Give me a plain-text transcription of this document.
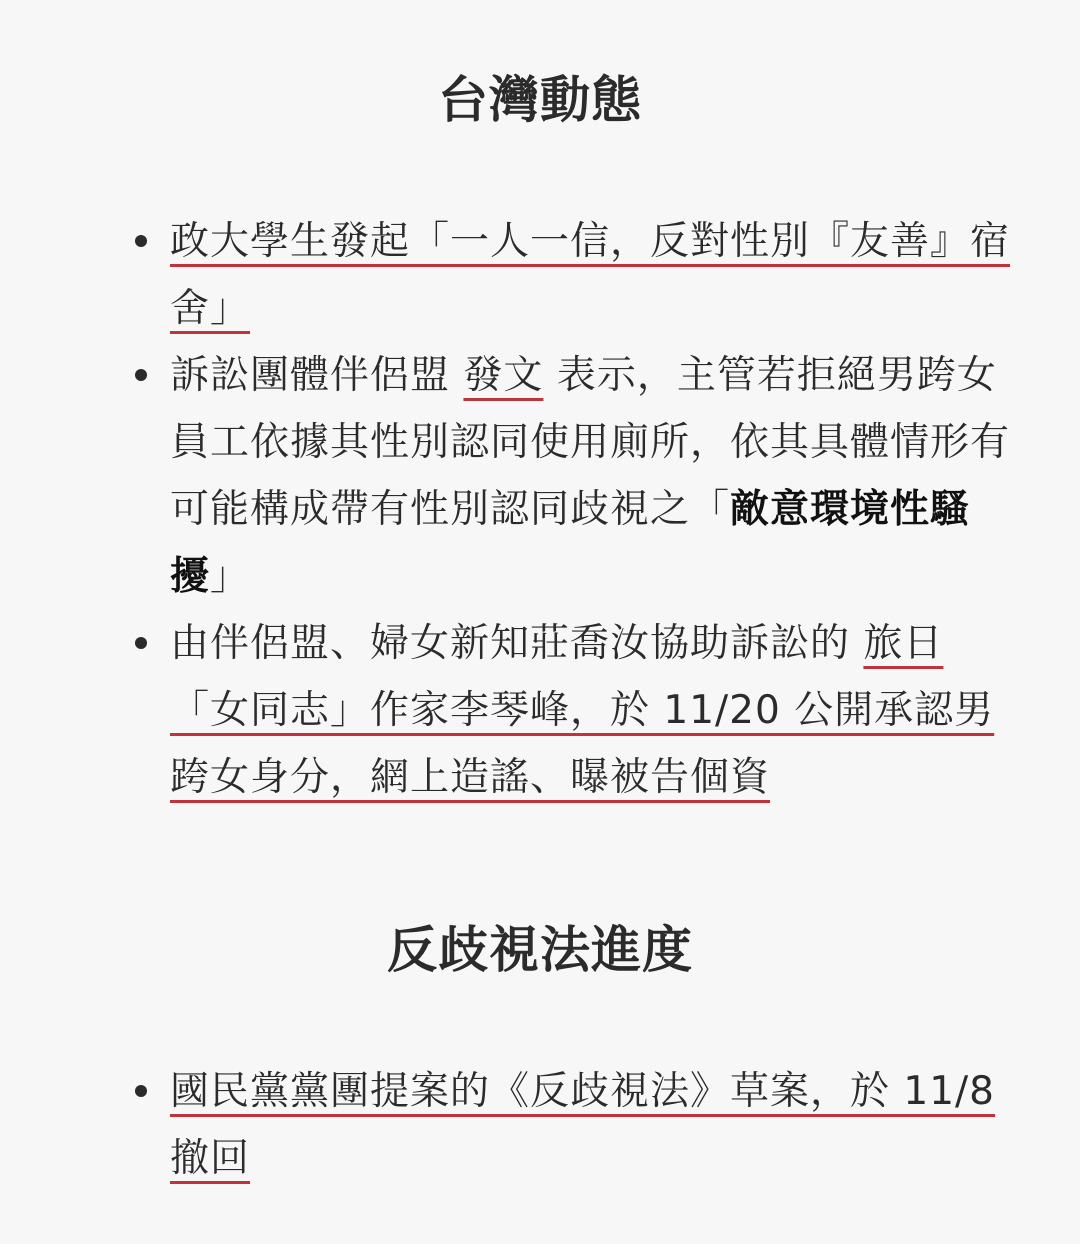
台灣動態
政大學生發起「一人一信，反對性別『友善』宿舍」
訴訟團體伴侶盟 發文 表示，主管若拒絕男跨女員工依據其性別認同使用廁所，依其具體情形有可能構成帶有性別認同歧視之「敵意環境性騷擾」
由伴侶盟、婦女新知莊喬汝協助訴訟的 旅日「女同志」作家李琴峰，於 11/20 公開承認男跨女身分，網上造謠、曝被告個資
反歧視法進度
國民黨黨團提案的《反歧視法》草案，於 11/8 撤回
